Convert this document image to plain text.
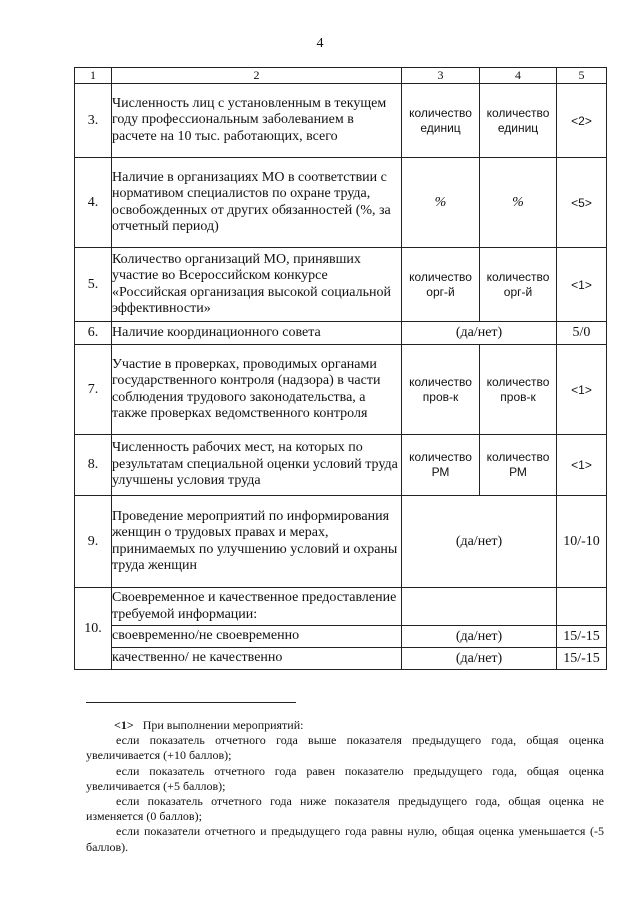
4
1	2	3	4	5
3.	Численность лиц с установленным в текущем году профессиональным заболеванием в расчете на 10 тыс. работающих, всего	количество единиц	количество единиц	<2>
4.	Наличие в организациях МО в соответствии с нормативом специалистов по охране труда, освобожденных от других обязанностей (%, за отчетный период)	%	%	<5>
5.	Количество организаций МО, принявших участие во Всероссийском конкурсе «Российская организация высокой социальной эффективности»	количество орг-й	количество орг-й	<1>
6.	Наличие координационного совета	(да/нет)		5/0
7.	Участие в проверках, проводимых органами государственного контроля (надзора) в части соблюдения трудового законодательства, а также проверках ведомственного контроля	количество пров-к	количество пров-к	<1>
8.	Численность рабочих мест, на которых по результатам специальной оценки условий труда улучшены условия труда	количество РМ	количество РМ	<1>
9.	Проведение мероприятий по информирования женщин о трудовых правах и мерах, принимаемых по улучшению условий и охраны труда женщин	(да/нет)		10/-10
10.	Своевременное и качественное предоставление требуемой информации:			
	своевременно/не своевременно	(да/нет)		15/-15
	качественно/ не качественно	(да/нет)		15/-15

<1> При выполнении мероприятий:

если показатель отчетного года выше показателя предыдущего года, общая оценка увеличивается (+10 баллов);

если показатель отчетного года равен показателю предыдущего года, общая оценка увеличивается (+5 баллов);

если показатель отчетного года ниже показателя предыдущего года, общая оценка не изменяется (0 баллов);

если показатели отчетного и предыдущего года равны нулю, общая оценка уменьшается (-5 баллов).
